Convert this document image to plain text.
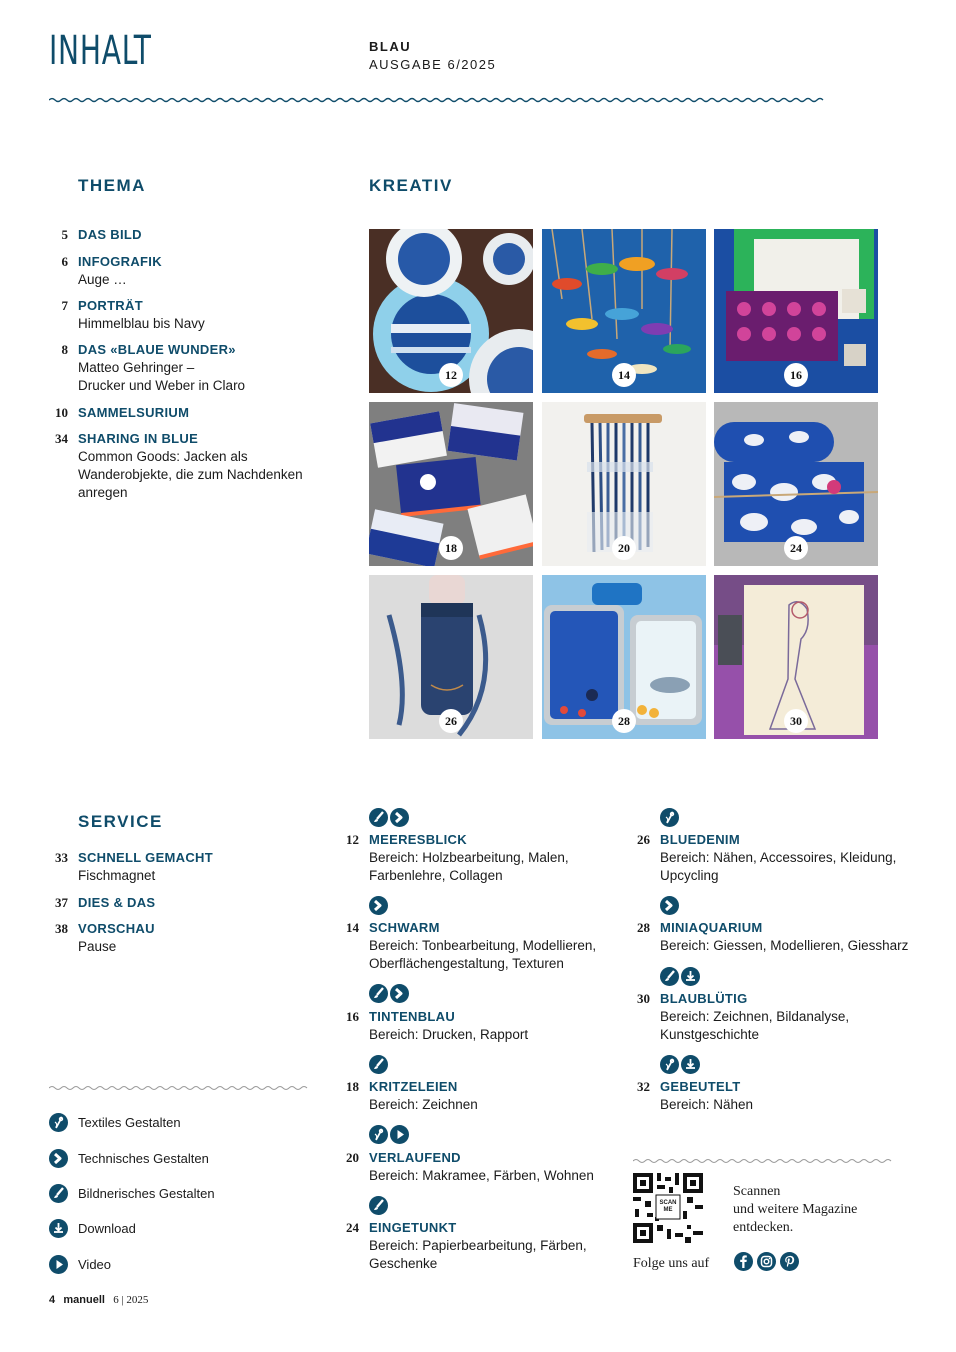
INHALT	BLAU
AUSGABE 6/2025
THEMA
5 DAS BILD
6 INFOGRAFIK
Auge …
7 PORTRÄT
Himmelblau bis Navy
8 DAS «BLAUE WUNDER»
Matteo Gehringer –
Drucker und Weber in Claro
10 SAMMELSURIUM
34 SHARING IN BLUE
Common Goods: Jacken als
Wanderobjekte, die zum Nachdenken
anregen
KREATIV
12	14	16
18	20	24
26	28	30
SERVICE
33 SCHNELL GEMACHT
Fischmagnet
37 DIES & DAS
38 VORSCHAU
Pause
12 MEERESBLICK
Bereich: Holzbearbeitung, Malen,
Farbenlehre, Collagen
14 SCHWARM
Bereich: Tonbearbeitung, Modellieren,
Oberflächengestaltung, Texturen
16 TINTENBLAU
Bereich: Drucken, Rapport
18 KRITZELEIEN
Bereich: Zeichnen
20 VERLAUFEND
Bereich: Makramee, Färben, Wohnen
24 EINGETUNKT
Bereich: Papierbearbeitung, Färben,
Geschenke
26 BLUEDENIM
Bereich: Nähen, Accessoires, Kleidung,
Upcycling
28 MINIAQUARIUM
Bereich: Giessen, Modellieren, Giessharz
30 BLAUBLÜTIG
Bereich: Zeichnen, Bildanalyse,
Kunstgeschichte
32 GEBEUTELT
Bereich: Nähen
Textiles Gestalten
Technisches Gestalten
Bildnerisches Gestalten
Download
Video
SCAN ME
Scannen
und weitere Magazine
entdecken.
Folge uns auf
4 manuell 6 | 2025
